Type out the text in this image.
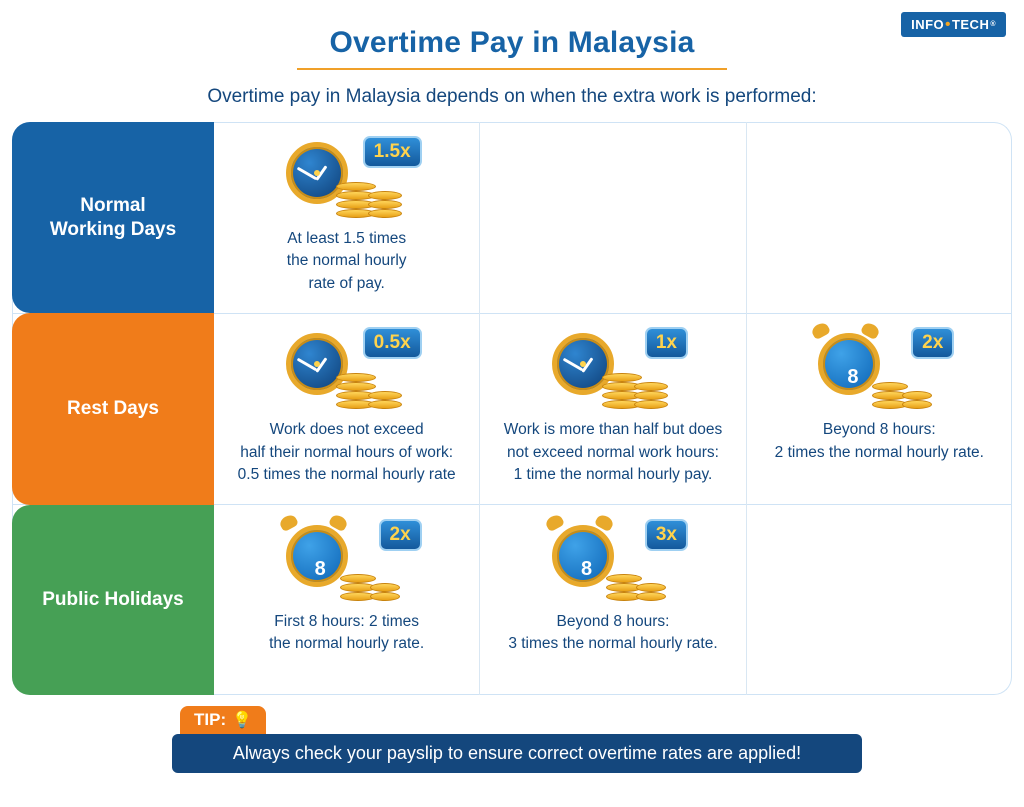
INFO • TECH ®
Overtime Pay in Malaysia
Overtime pay in Malaysia depends on when the extra work is performed:
Normal
Working Days
1.5x
At least 1.5 times
the normal hourly
rate of pay.
Rest Days
0.5x
Work does not exceed
half their normal hours of work:
0.5 times the normal hourly rate
1x
Work is more than half but does
not exceed normal work hours:
1 time the normal hourly pay.
8
2x
Beyond 8 hours:
2 times the normal hourly rate.
Public Holidays
8
2x
First 8 hours: 2 times
the normal hourly rate.
8
3x
Beyond 8 hours:
3 times the normal hourly rate.
TIP: 💡
Always check your payslip to ensure correct overtime rates are applied!
